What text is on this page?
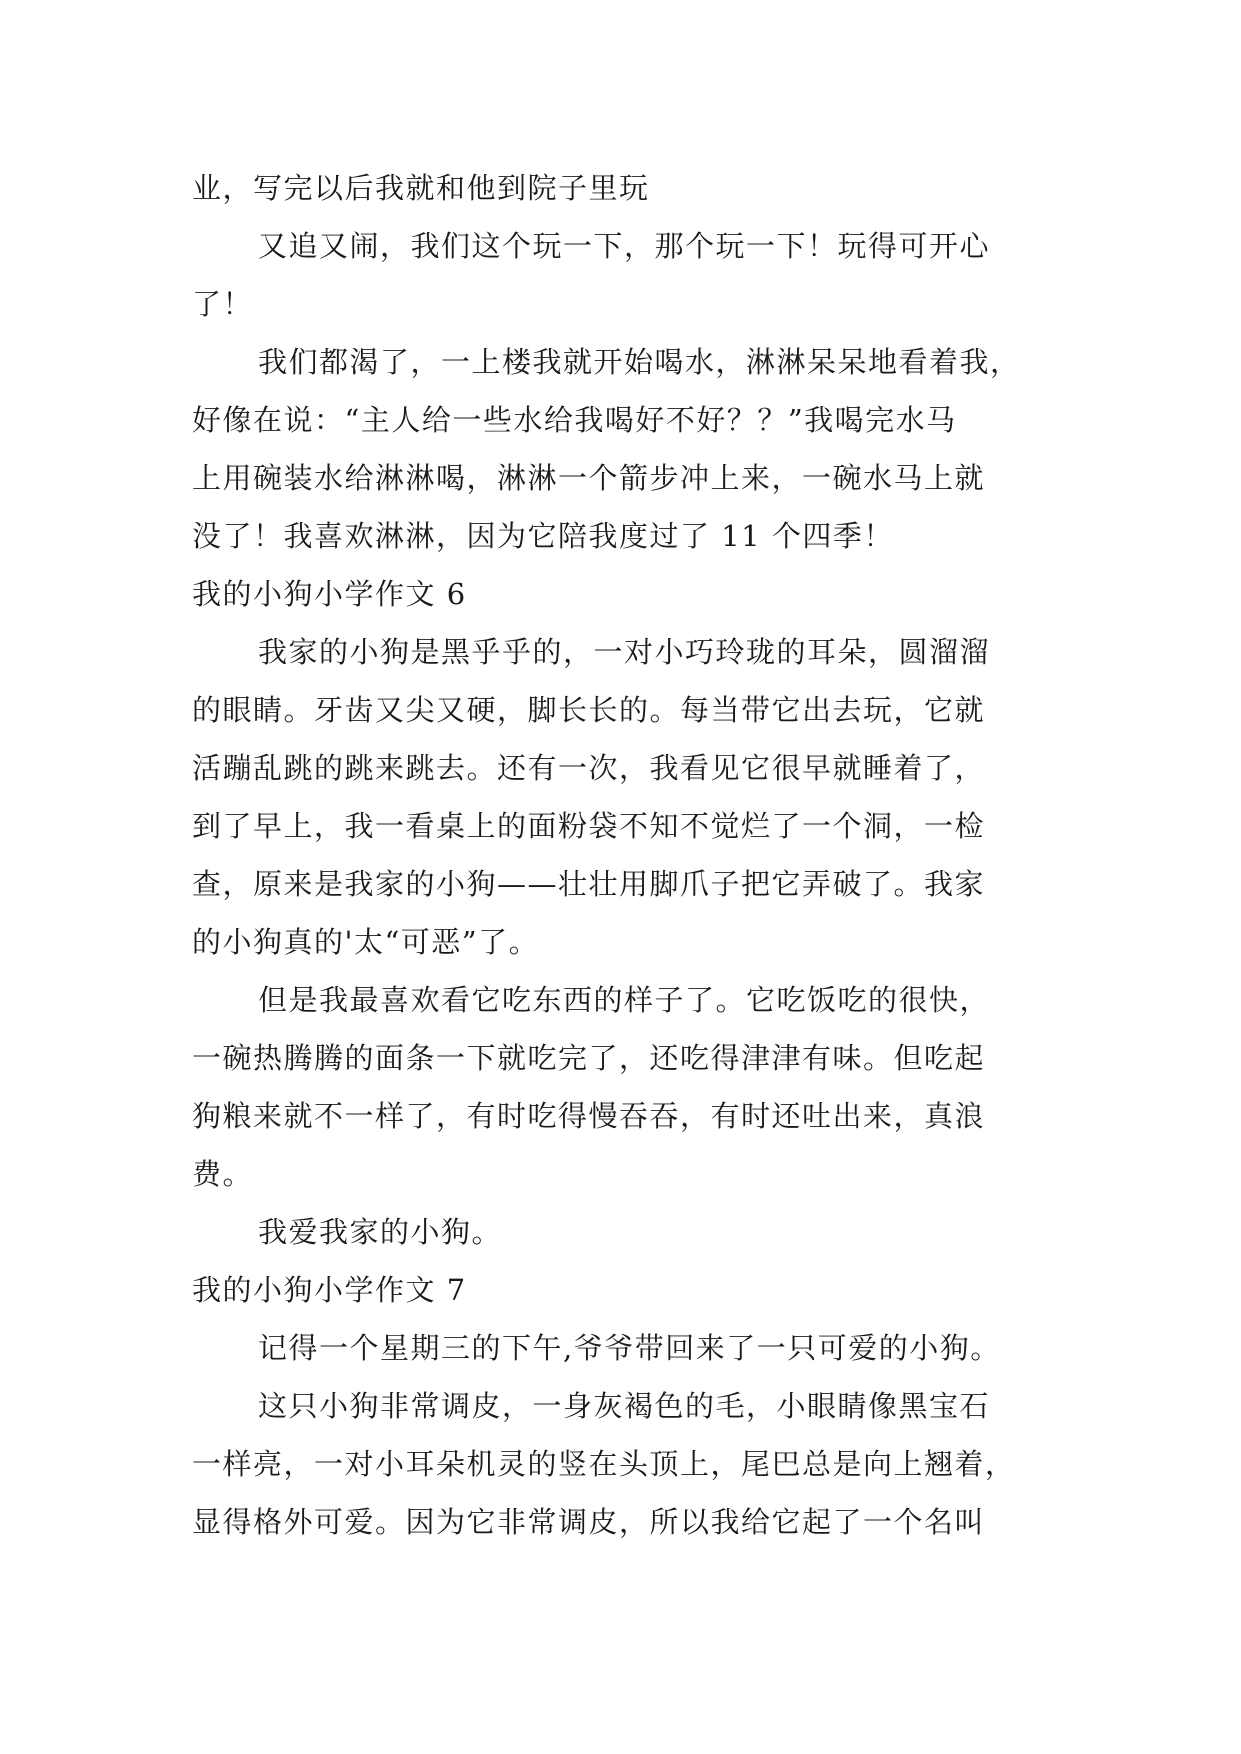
业，写完以后我就和他到院子里玩
又追又闹，我们这个玩一下，那个玩一下！玩得可开心
了！
我们都渴了，一上楼我就开始喝水，淋淋呆呆地看着我，
好像在说：“主人给一些水给我喝好不好？？”我喝完水马
上用碗装水给淋淋喝，淋淋一个箭步冲上来，一碗水马上就
没了！我喜欢淋淋，因为它陪我度过了 11 个四季！
我的小狗小学作文 6
我家的小狗是黑乎乎的，一对小巧玲珑的耳朵，圆溜溜
的眼睛。牙齿又尖又硬，脚长长的。每当带它出去玩，它就
活蹦乱跳的跳来跳去。还有一次，我看见它很早就睡着了，
到了早上，我一看桌上的面粉袋不知不觉烂了一个洞，一检
查，原来是我家的小狗——壮壮用脚爪子把它弄破了。我家
的小狗真的'太“可恶”了。
但是我最喜欢看它吃东西的样子了。它吃饭吃的很快，
一碗热腾腾的面条一下就吃完了，还吃得津津有味。但吃起
狗粮来就不一样了，有时吃得慢吞吞，有时还吐出来，真浪
费。
我爱我家的小狗。
我的小狗小学作文 7
记得一个星期三的下午,爷爷带回来了一只可爱的小狗。
这只小狗非常调皮，一身灰褐色的毛，小眼睛像黑宝石
一样亮，一对小耳朵机灵的竖在头顶上，尾巴总是向上翘着，
显得格外可爱。因为它非常调皮，所以我给它起了一个名叫
